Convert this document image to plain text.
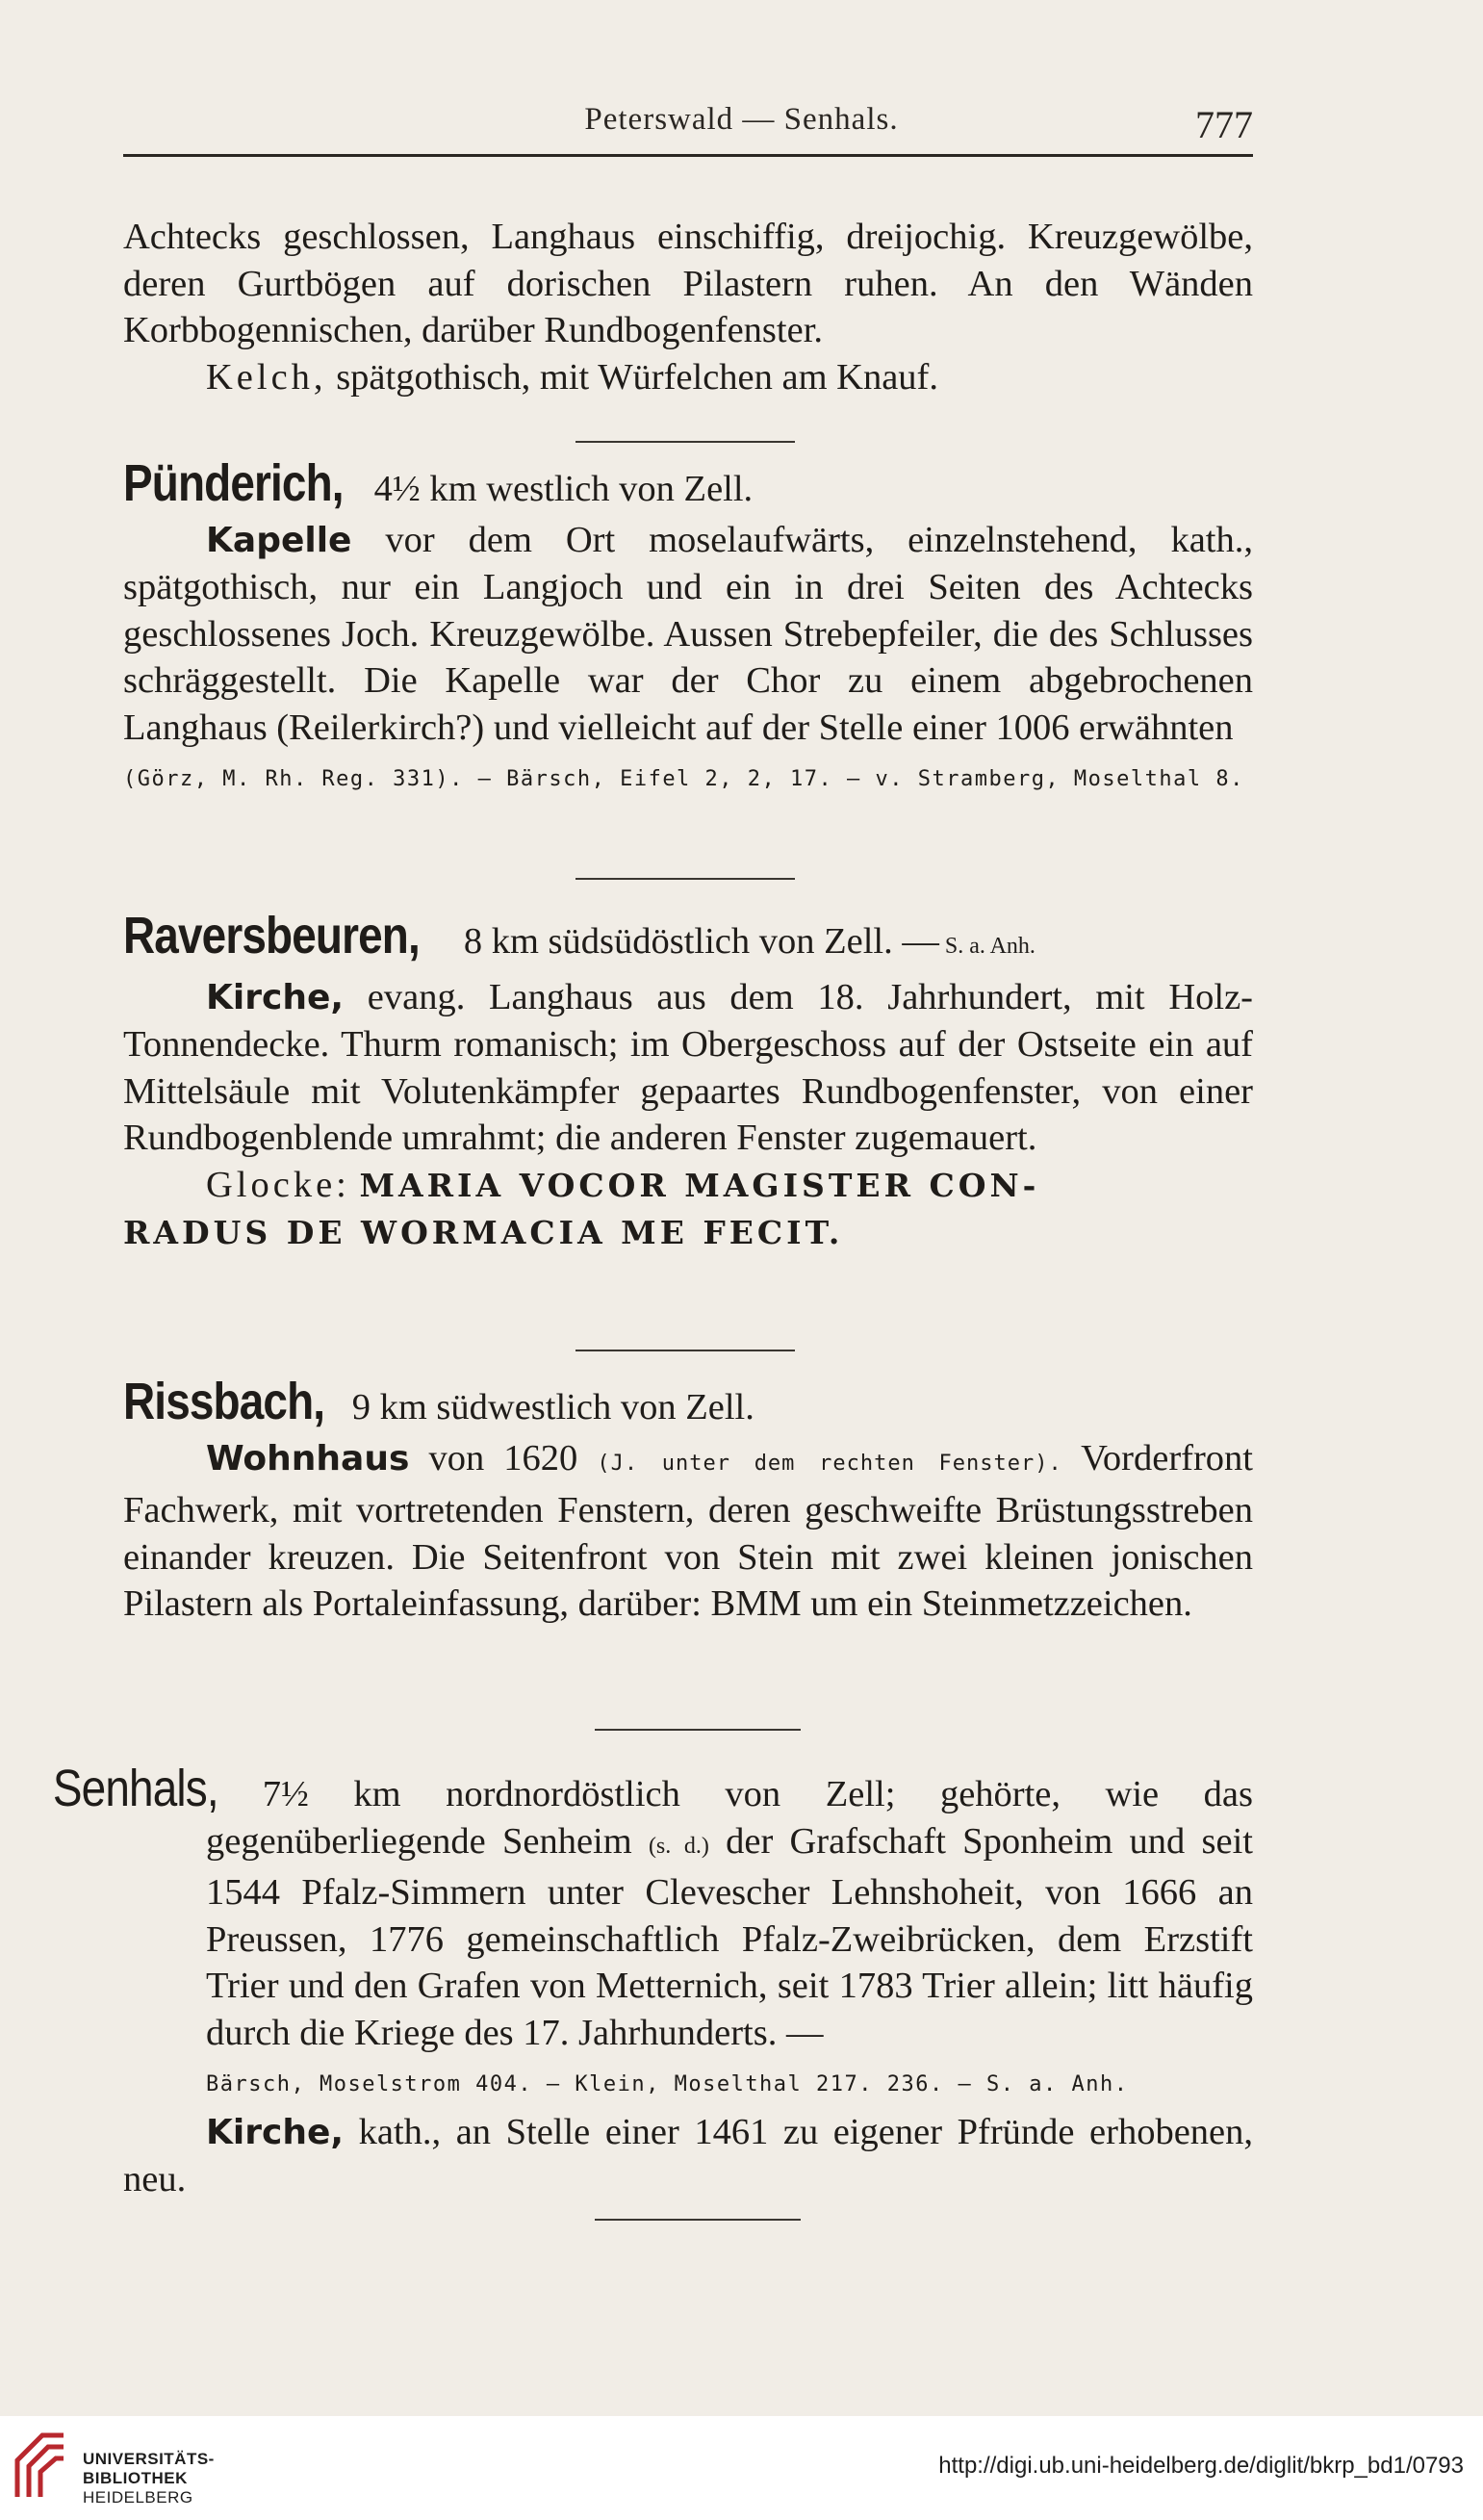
Peterswald — Senhals.	777

Achtecks geschlossen, Langhaus einschiffig, dreijochig. Kreuzgewölbe, deren Gurtbögen auf dorischen Pilastern ruhen. An den Wänden Korbbogennischen, darüber Rundbogenfenster.

Kelch, spätgothisch, mit Würfelchen am Knauf.

Pünderich, 4½ km westlich von Zell.

Kapelle vor dem Ort moselaufwärts, einzelnstehend, kath., spätgothisch, nur ein Langjoch und ein in drei Seiten des Achtecks geschlossenes Joch. Kreuzgewölbe. Aussen Strebepfeiler, die des Schlusses schräggestellt. Die Kapelle war der Chor zu einem abgebrochenen Langhaus (Reilerkirch?) und vielleicht auf der Stelle einer 1006 erwähnten
(Görz, M. Rh. Reg. 331). — Bärsch, Eifel 2, 2, 17. — v. Stramberg, Moselthal 8.

Raversbeuren, 8 km südsüdöstlich von Zell. — S. a. Anh.

Kirche, evang. Langhaus aus dem 18. Jahrhundert, mit Holz-Tonnendecke. Thurm romanisch; im Obergeschoss auf der Ostseite ein auf Mittelsäule mit Volutenkämpfer gepaartes Rundbogenfenster, von einer Rundbogenblende umrahmt; die anderen Fenster zugemauert.

Glocke: MARIA VOCOR MAGISTER CON-

RADUS DE WORMACIA ME FECIT.

Rissbach, 9 km südwestlich von Zell.

Wohnhaus von 1620 (J. unter dem rechten Fenster). Vorderfront Fachwerk, mit vortretenden Fenstern, deren geschweifte Brüstungsstreben einander kreuzen. Die Seitenfront von Stein mit zwei kleinen jonischen Pilastern als Portaleinfassung, darüber: BMM um ein Steinmetzzeichen.

Senhals, 7½ km nordnordöstlich von Zell; gehörte, wie das gegenüberliegende Senheim (s. d.) der Grafschaft Sponheim und seit 1544 Pfalz-Simmern unter Clevescher Lehnshoheit, von 1666 an Preussen, 1776 gemeinschaftlich Pfalz-Zweibrücken, dem Erzstift Trier und den Grafen von Metternich, seit 1783 Trier allein; litt häufig durch die Kriege des 17. Jahrhunderts. —
Bärsch, Moselstrom 404. — Klein, Moselthal 217. 236. — S. a. Anh.

Kirche, kath., an Stelle einer 1461 zu eigener Pfründe erhobenen, neu.

UNIVERSITÄTS-
BIBLIOTHEK
HEIDELBERG
http://digi.ub.uni-heidelberg.de/diglit/bkrp_bd1/0793
